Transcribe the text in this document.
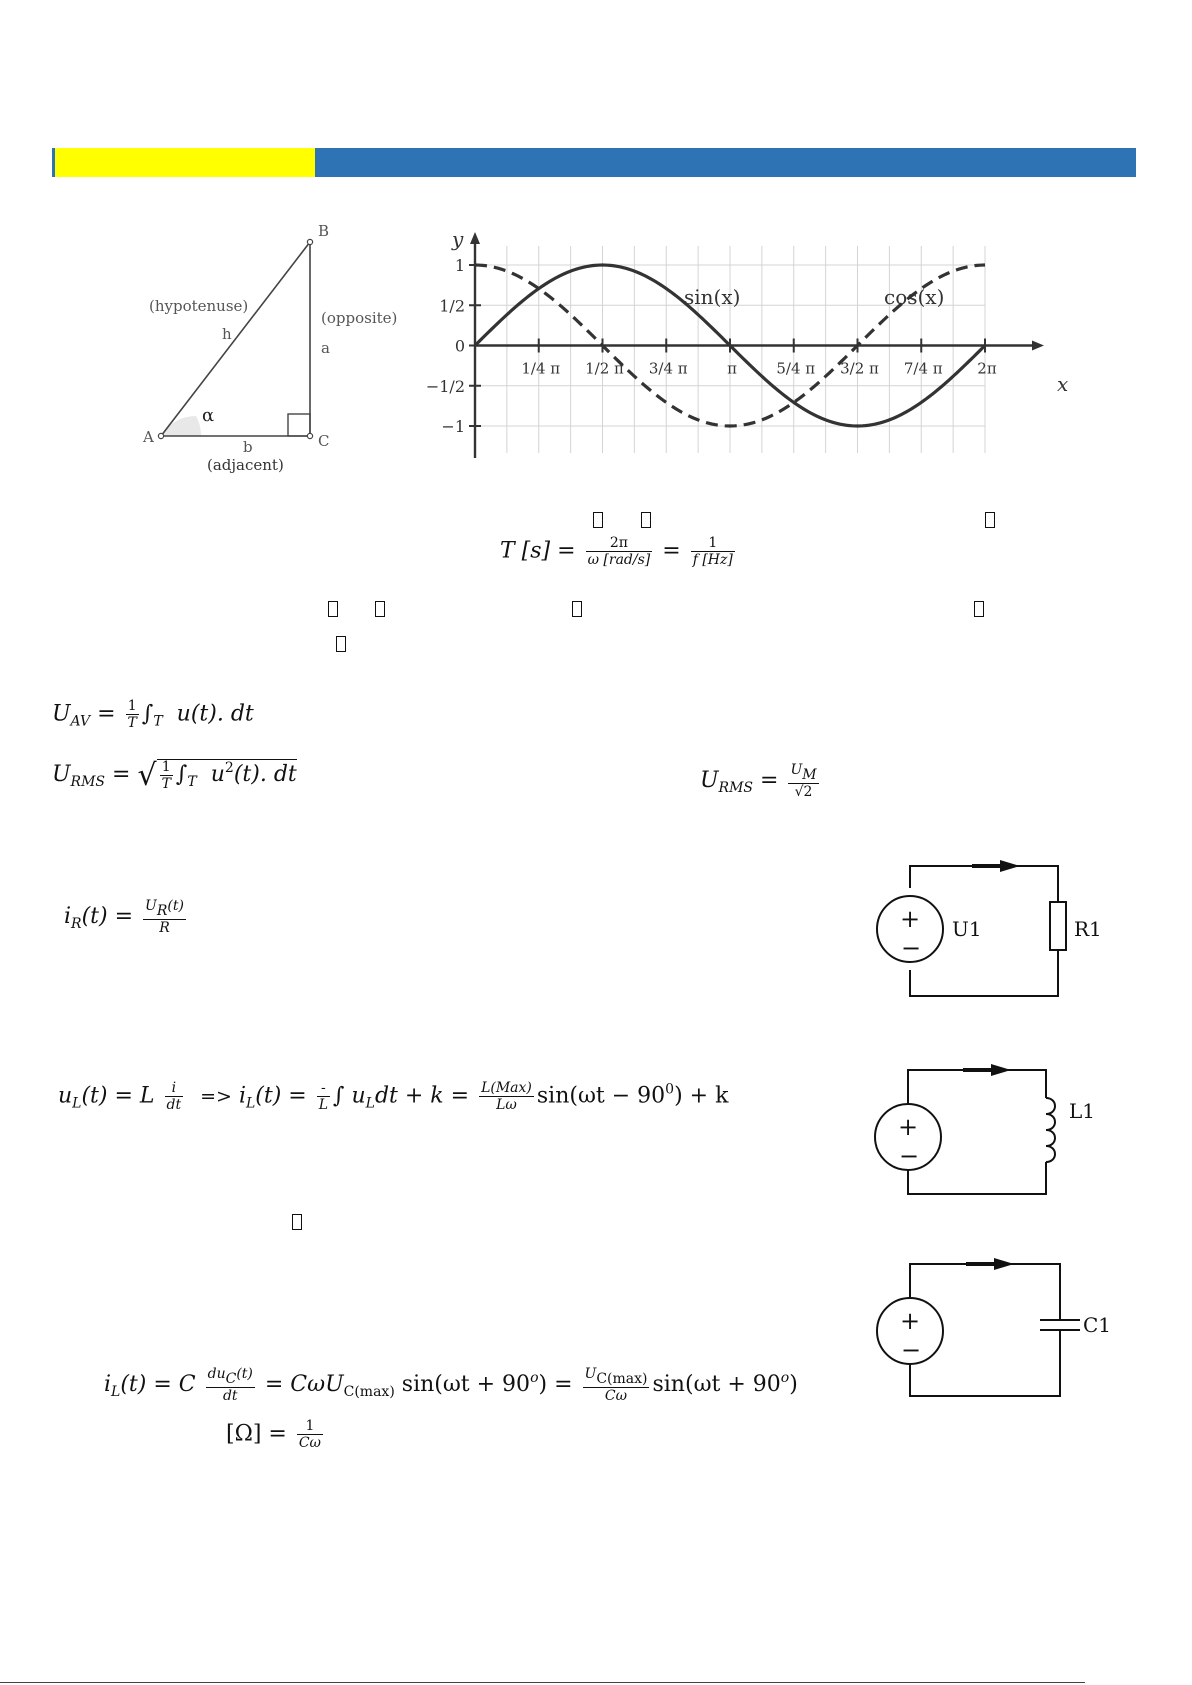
A
B
C
h
a
b
α
(hypotenuse)
(opposite)
(adjacent)
1/4 π 1/2 π 3/4 π	π	5/4 π 3/2 π 7/4 π 2π
1
1/2
0
−1/2
−1
y
x
sin(x)	cos(x)
T $[s] = \frac{2\pi}{\text{ω [rad/s]}} = \frac{1}{f [Hz]}$
$U_{AV} = \frac{1}{T} \int_T$ u(t). dt
$U_{RMS}$ = √ $\frac{1}{T} \int_T$ $u^2(t)$. dt	$U_{RMS} = \frac{UM}{√2}$
$i_R(t) = \frac{UR(t)}{R}$
$u_L(t) = L \frac{i}{dt} => i_L(t) = \frac{-}{L}$ ∫ $u_Ldt + k = \frac{\text{L(Max)}}{L\omega} \sin(\omega t - 90^0) + k$
$i_L(t) = C \frac{\text{duC(t)}}{dt} = C\omega U_{C(max)}$ $\sin(\omega t + 90^o) = \frac{UC(\max)}{C\omega} \sin(\omega t + 90^o)$
$[\Omega] = \frac{1}{C\omega}$
+
−
U1	R1
+
−
L1
+
−
C1
